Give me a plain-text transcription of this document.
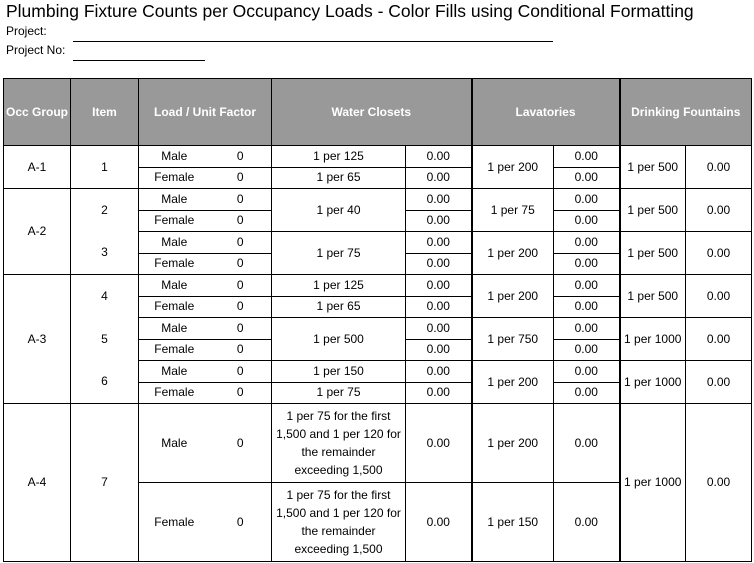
Plumbing Fixture Counts per Occupancy Loads - Color Fills using Conditional Formatting
Project:
Project No:
Occ Group	Item	Load / Unit Factor		Water Closets		Lavatories		Drinking Fountains	
A-1	1	Male	0	1 per 125	0.00	1 per 200	0.00	1 per 500	0.00
		Female	0	1 per 65	0.00		0.00		
A-2	2	Male	0	1 per 40	0.00	1 per 75	0.00	1 per 500	0.00
		Female	0		0.00		0.00		
	3	Male	0	1 per 75	0.00	1 per 200	0.00	1 per 500	0.00
		Female	0		0.00		0.00		
A-3	4	Male	0	1 per 125	0.00	1 per 200	0.00	1 per 500	0.00
		Female	0	1 per 65	0.00		0.00		
	5	Male	0	1 per 500	0.00	1 per 750	0.00	1 per 1000	0.00
		Female	0		0.00		0.00		
	6	Male	0	1 per 150	0.00	1 per 200	0.00	1 per 1000	0.00
		Female	0	1 per 75	0.00		0.00		
A-4	7	Male	0	1 per 75 for the first 1,500 and 1 per 120 for the remainder exceeding 1,500	0.00	1 per 200	0.00	1 per 1000	0.00
		Female	0	1 per 75 for the first 1,500 and 1 per 120 for the remainder exceeding 1,500	0.00	1 per 150	0.00		
